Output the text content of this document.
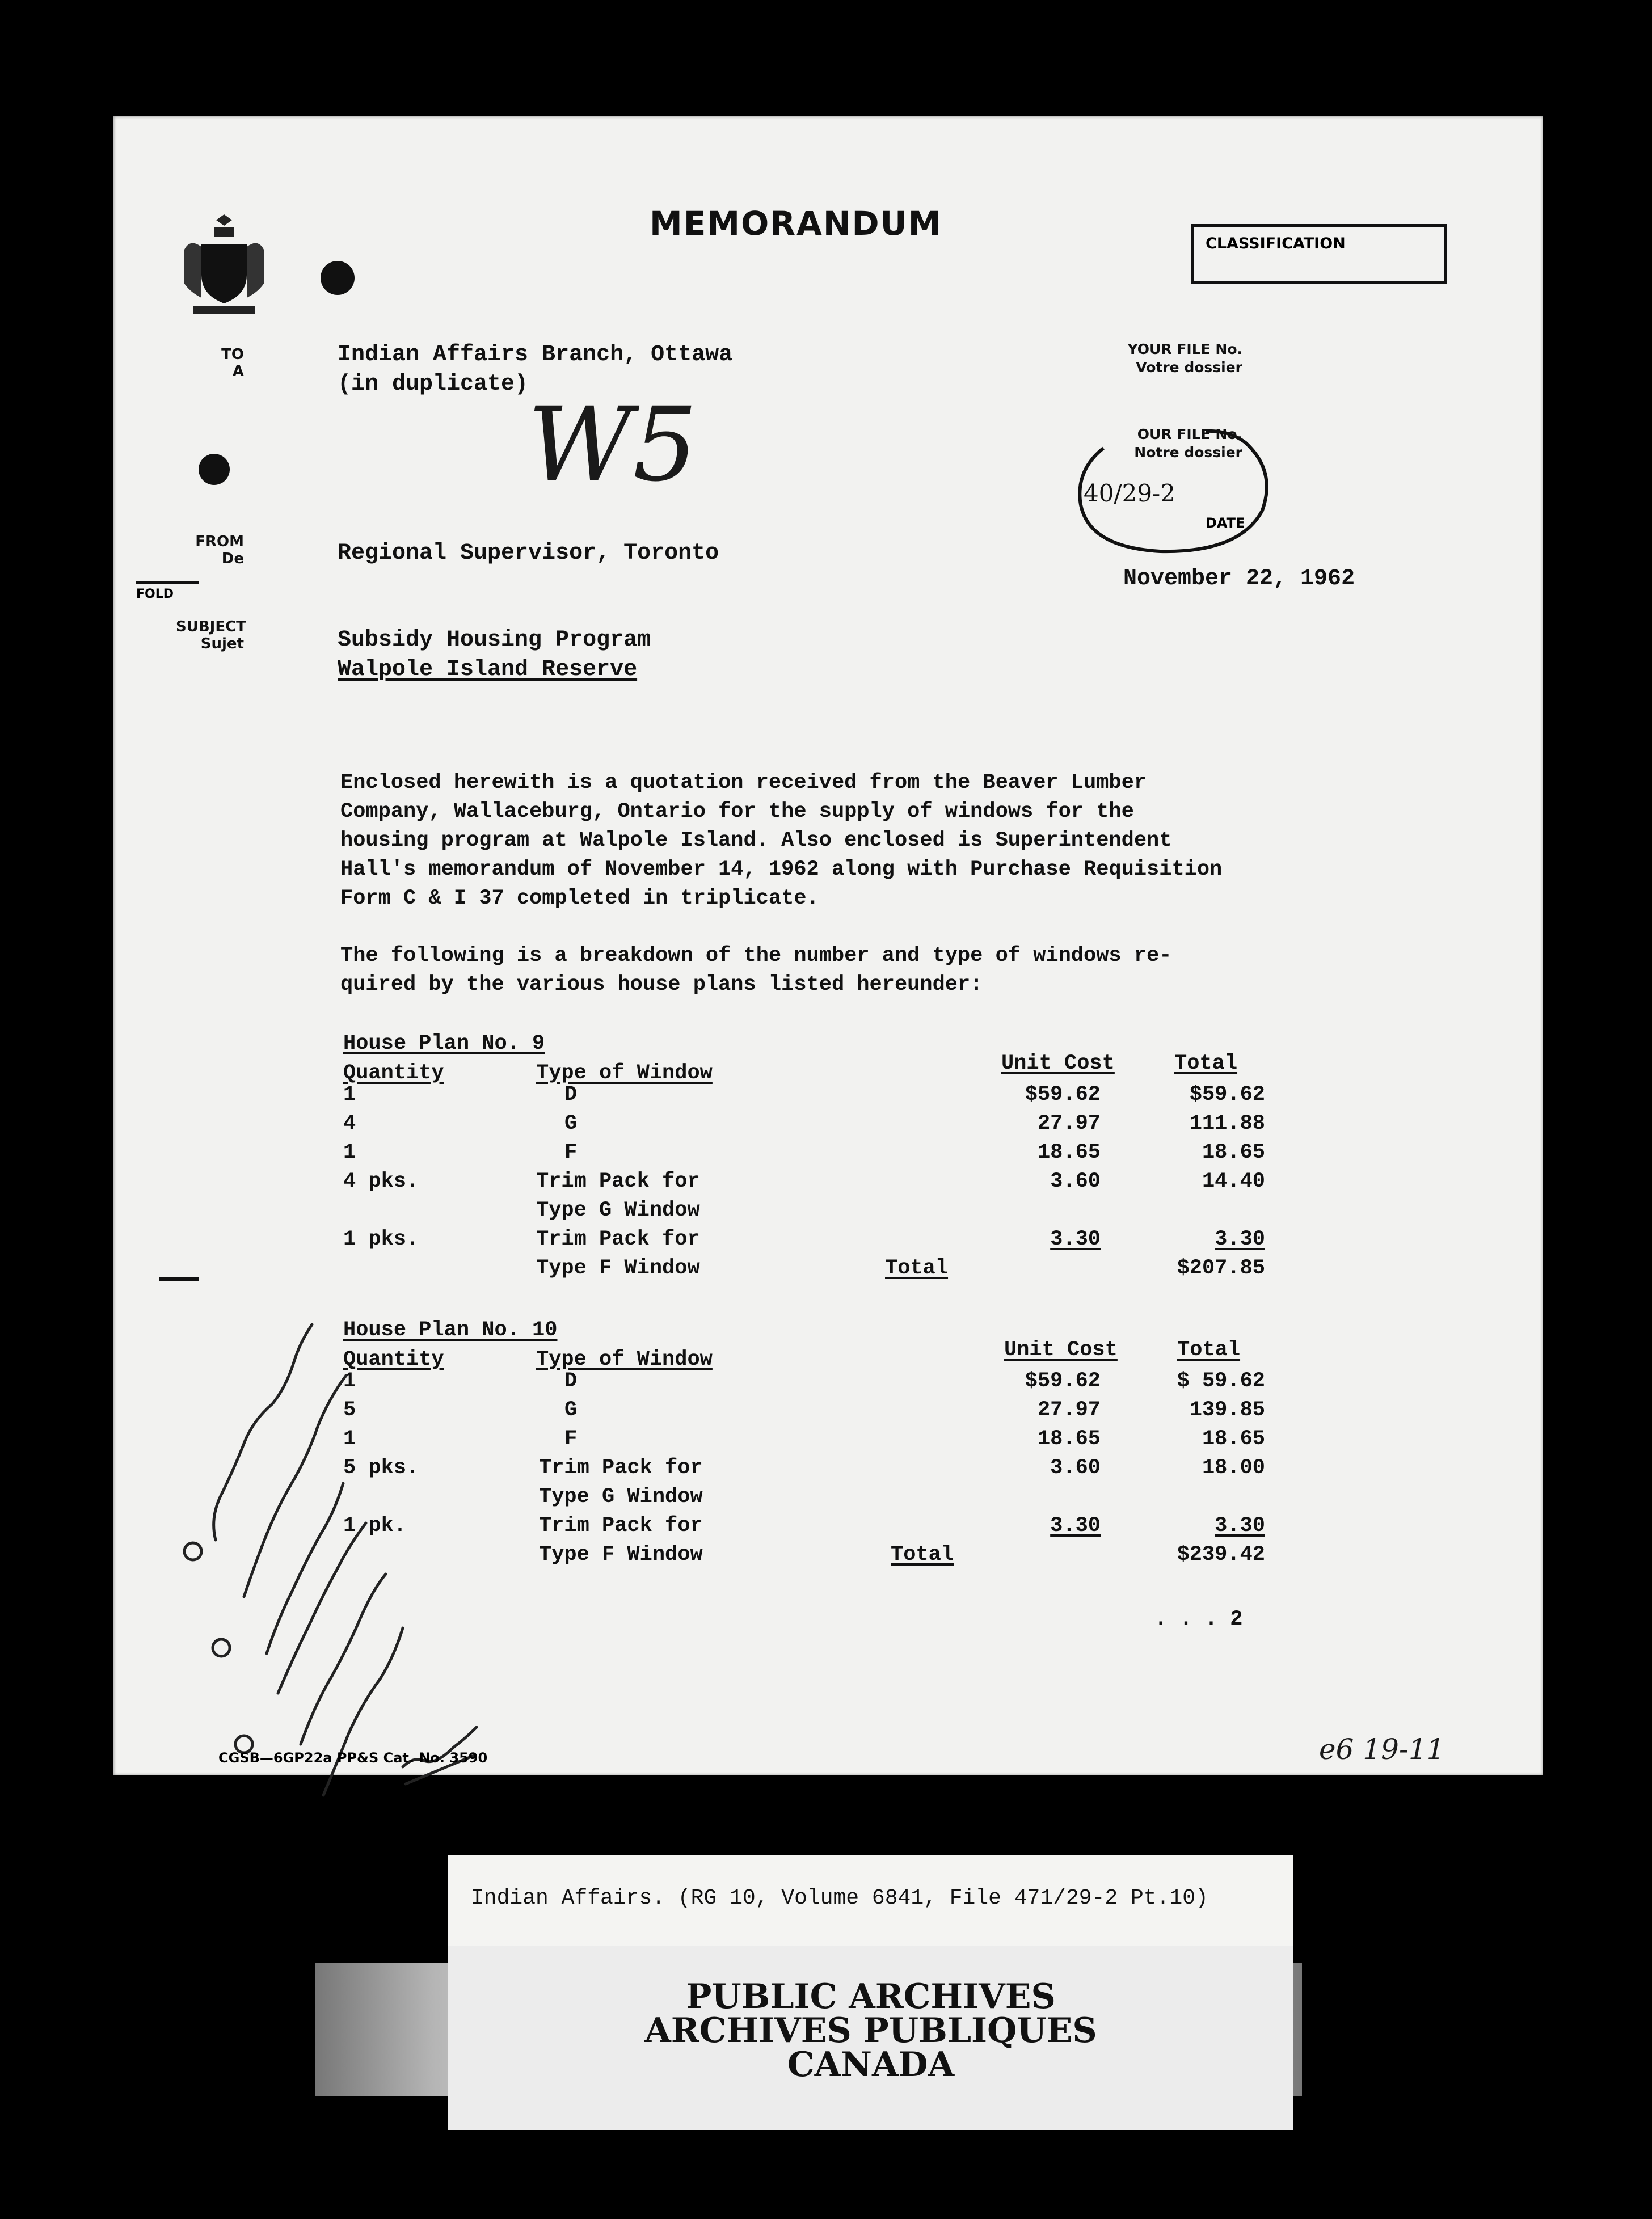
MEMORANDUM
CLASSIFICATION
TO
A
FROM
De
FOLD
SUBJECT
Sujet
YOUR FILE No.
Votre dossier
OUR FILE No.
Notre dossier
40/29-2
DATE
Indian Affairs Branch, Ottawa
(in duplicate)
Regional Supervisor, Toronto
November 22, 1962
Subsidy Housing Program
Walpole Island Reserve
W5
Enclosed herewith is a quotation received from the Beaver Lumber
Company, Wallaceburg, Ontario for the supply of windows for the
housing program at Walpole Island. Also enclosed is Superintendent
Hall's memorandum of November 14, 1962 along with Purchase Requisition
Form C & I 37 completed in triplicate.
The following is a breakdown of the number and type of windows re-
quired by the various house plans listed hereunder:
House Plan No. 9
Quantity	Type of Window	Unit Cost	Total
1	D	$59.62	$59.62
4	G	27.97	111.88
1	F	18.65	18.65
4 pks.	Trim Pack for	3.60	14.40
Type G Window
1 pks.	Trim Pack for	3.30	3.30
Type F Window	Total	$207.85
House Plan No. 10
Quantity	Type of Window	Unit Cost	Total
1	D	$59.62	$ 59.62
5	G	27.97	139.85
1	F	18.65	18.65
5 pks.	Trim Pack for	3.60	18.00
Type G Window
1 pk.	Trim Pack for	3.30	3.30
Type F Window	Total	$239.42
. . . 2
CGSB—6GP22a PP&S Cat. No. 3590	e6 19-11
Indian Affairs. (RG 10, Volume 6841, File 471/29-2 Pt.10)
PUBLIC ARCHIVES
ARCHIVES PUBLIQUES
CANADA
